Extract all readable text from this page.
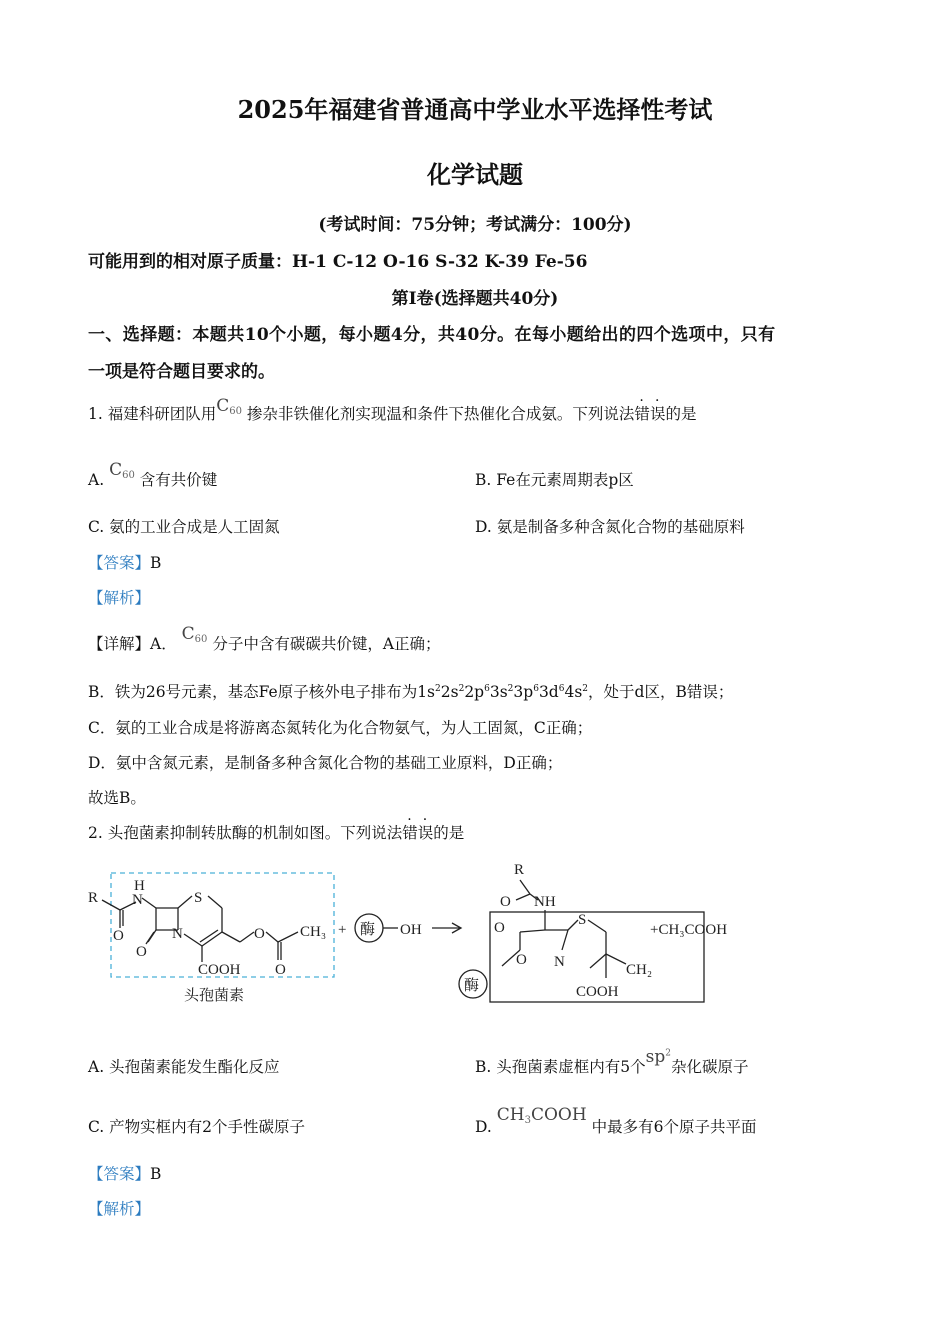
2025年福建省普通高中学业水平选择性考试
化学试题
(考试时间：75分钟；考试满分：100分)
可能用到的相对原子质量：H-1 C-12 O-16 S-32 K-39 Fe-56
第I卷(选择题共40分)
一、选择题：本题共10个小题，每小题4分，共40分。在每小题给出的四个选项中，只有
一项是符合题目要求的。
1. 福建科研团队用$C_{60}$ 掺杂非铁催化剂实现温和条件下热催化合成氨。下列说法错误的是
A. $C_{60}$ 含有共价键	B. Fe在元素周期表p区
C. 氨的工业合成是人工固氮	D. 氨是制备多种含氮化合物的基础原料
【答案】B
【解析】
【详解】A． $C_{60}$ 分子中含有碳碳共价键，A正确；
B．铁为26号元素，基态Fe原子核外电子排布为$1s^22s^22p^63s^23p^63d^64s^2$，处于d区，B错误；
C．氨的工业合成是将游离态氮转化为化合物氨气，为人工固氮，C正确；
D．氨中含氮元素，是制备多种含氮化合物的基础工业原料，D正确；
故选B。
2. 头孢菌素抑制转肽酶的机制如图。下列说法错误的是
R
H
N
O
O
N
S
COOH
O
O
CH₃
头孢菌素
+ 酶 OH
R
O NH
O
O
酶
S
N	CH₂
COOH
+CH₃COOH
A. 头孢菌素能发生酯化反应	B. 头孢菌素虚框内有5个$sp^2$杂化碳原子
C. 产物实框内有2个手性碳原子	D. $CH_3COOH$ 中最多有6个原子共平面
【答案】B
【解析】
